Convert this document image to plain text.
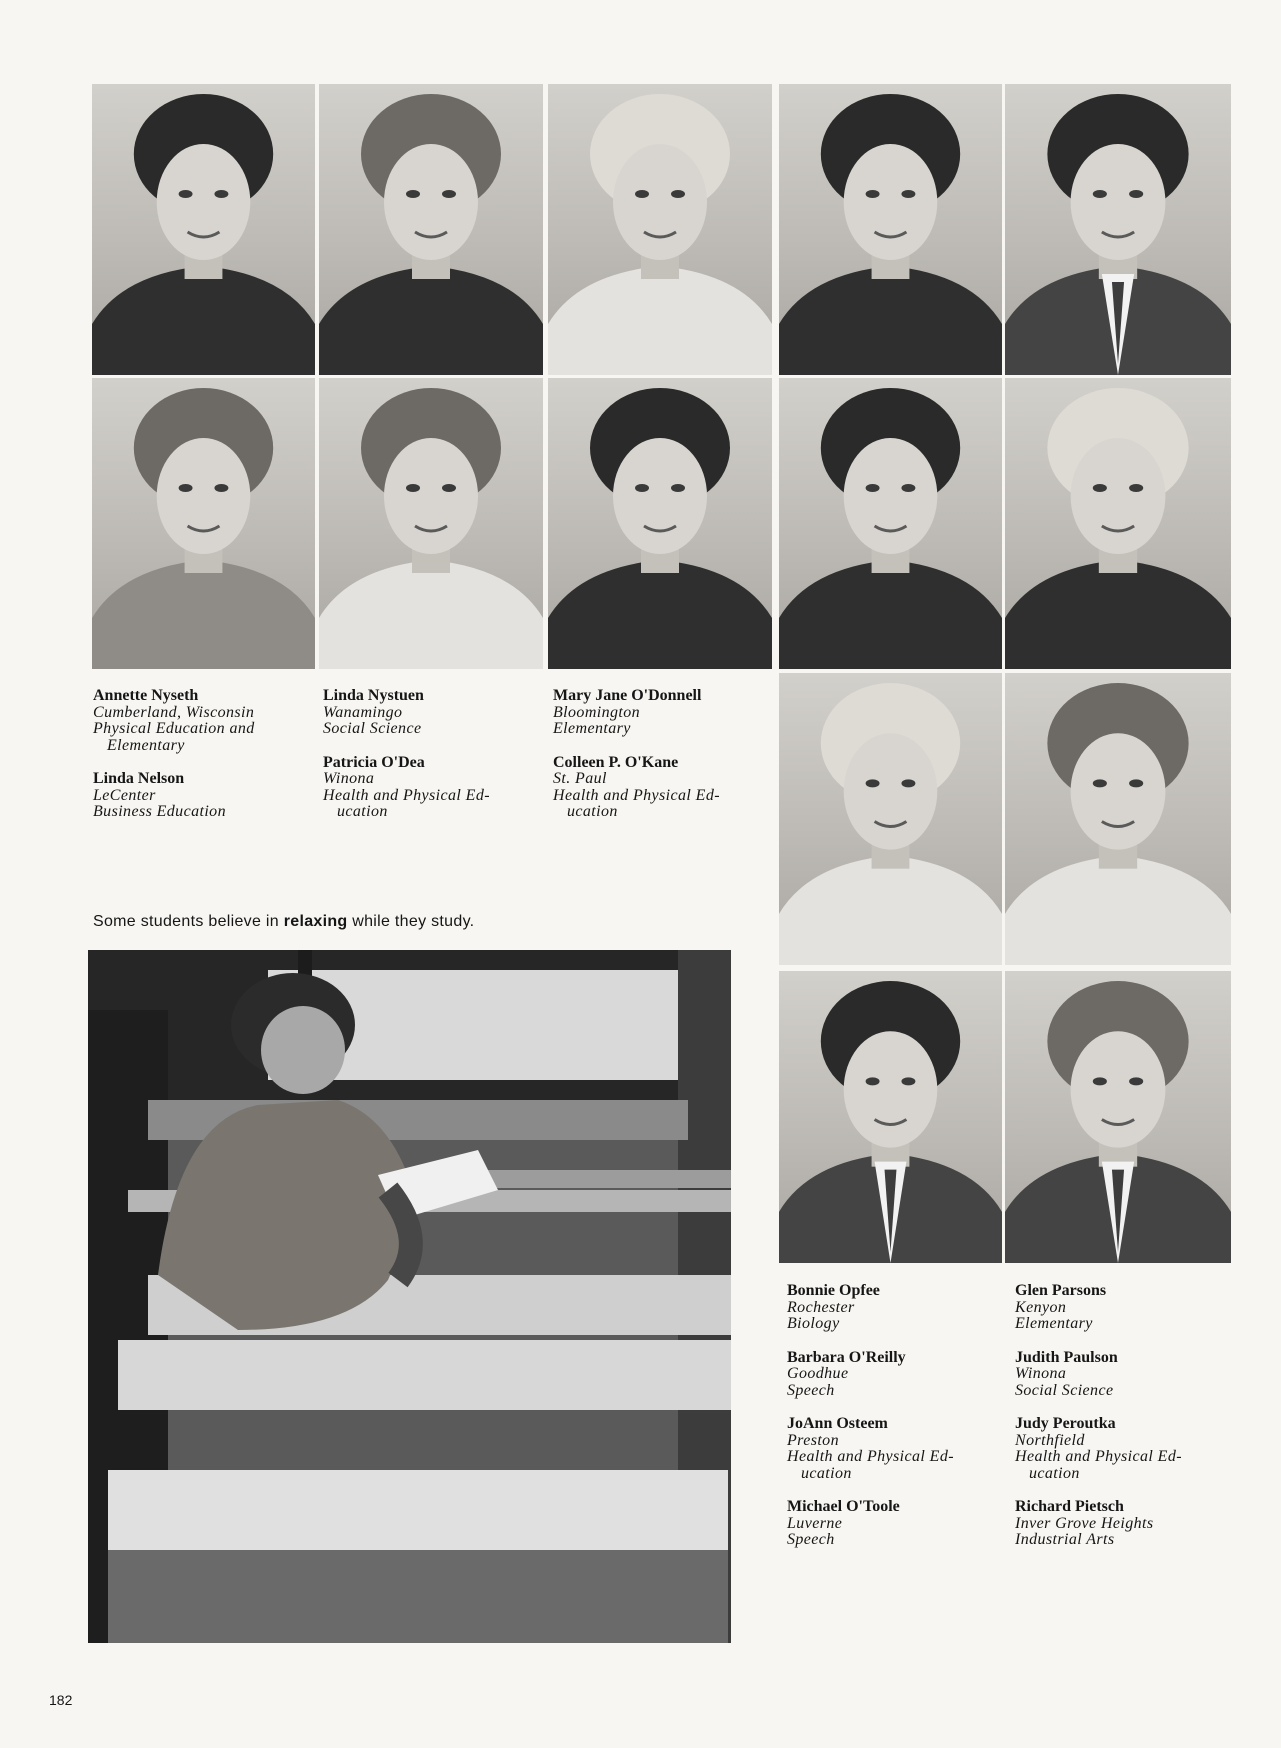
Annette Nyseth
Cumberland, Wisconsin
Physical Education and
Elementary
Linda Nelson
LeCenter
Business Education
Linda Nystuen
Wanamingo
Social Science
Patricia O'Dea
Winona
Health and Physical Ed-
ucation
Mary Jane O'Donnell
Bloomington
Elementary
Colleen P. O'Kane
St. Paul
Health and Physical Ed-
ucation
Bonnie Opfee
Rochester
Biology
Barbara O'Reilly
Goodhue
Speech
JoAnn Osteem
Preston
Health and Physical Ed-
ucation
Michael O'Toole
Luverne
Speech
Glen Parsons
Kenyon
Elementary
Judith Paulson
Winona
Social Science
Judy Peroutka
Northfield
Health and Physical Ed-
ucation
Richard Pietsch
Inver Grove Heights
Industrial Arts
Some students believe in relaxing while they study.
182
